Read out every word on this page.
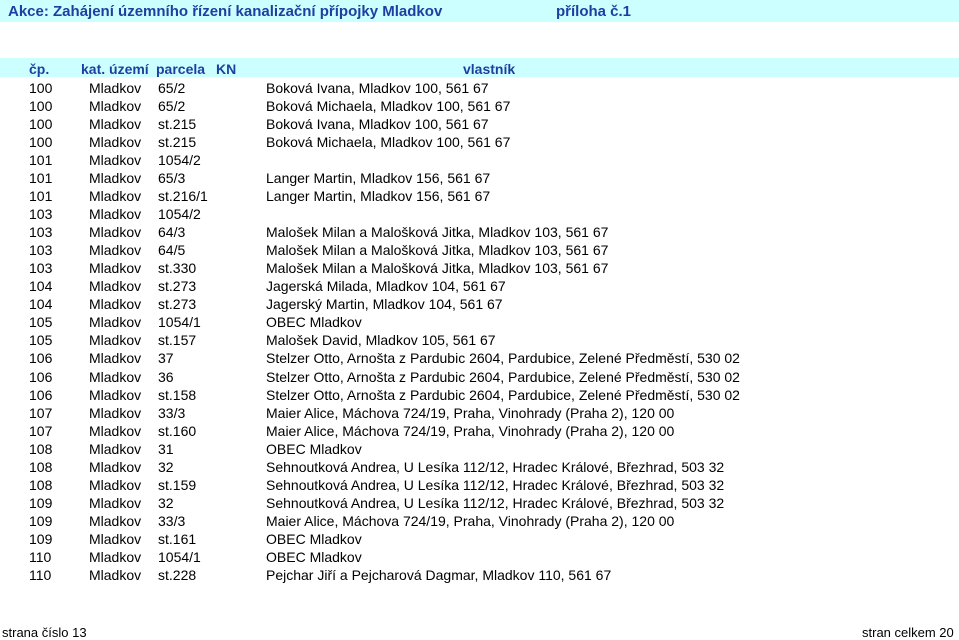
Akce: Zahájení územního řízení kanalizační přípojky Mladkov	příloha č.1
čp. kat. území parcela KN	vlastník
100	Mladkov 65/2	Boková Ivana, Mladkov 100, 561 67
100	Mladkov 65/2	Boková Michaela, Mladkov 100, 561 67
100	Mladkov st.215	Boková Ivana, Mladkov 100, 561 67
100	Mladkov st.215	Boková Michaela, Mladkov 100, 561 67
101	Mladkov 1054/2
101	Mladkov 65/3	Langer Martin, Mladkov 156, 561 67
101	Mladkov st.216/1	Langer Martin, Mladkov 156, 561 67
103	Mladkov 1054/2
103	Mladkov 64/3	Malošek Milan a Malošková Jitka, Mladkov 103, 561 67
103	Mladkov 64/5	Malošek Milan a Malošková Jitka, Mladkov 103, 561 67
103	Mladkov st.330	Malošek Milan a Malošková Jitka, Mladkov 103, 561 67
104	Mladkov st.273	Jagerská Milada, Mladkov 104, 561 67
104	Mladkov st.273	Jagerský Martin, Mladkov 104, 561 67
105	Mladkov 1054/1	OBEC Mladkov
105	Mladkov st.157	Malošek David, Mladkov 105, 561 67
106	Mladkov 37	Stelzer Otto, Arnošta z Pardubic 2604, Pardubice, Zelené Předměstí, 530 02
106	Mladkov 36	Stelzer Otto, Arnošta z Pardubic 2604, Pardubice, Zelené Předměstí, 530 02
106	Mladkov st.158	Stelzer Otto, Arnošta z Pardubic 2604, Pardubice, Zelené Předměstí, 530 02
107	Mladkov 33/3	Maier Alice, Máchova 724/19, Praha, Vinohrady (Praha 2), 120 00
107	Mladkov st.160	Maier Alice, Máchova 724/19, Praha, Vinohrady (Praha 2), 120 00
108	Mladkov 31	OBEC Mladkov
108	Mladkov 32	Sehnoutková Andrea, U Lesíka 112/12, Hradec Králové, Březhrad, 503 32
108	Mladkov st.159	Sehnoutková Andrea, U Lesíka 112/12, Hradec Králové, Březhrad, 503 32
109	Mladkov 32	Sehnoutková Andrea, U Lesíka 112/12, Hradec Králové, Březhrad, 503 32
109	Mladkov 33/3	Maier Alice, Máchova 724/19, Praha, Vinohrady (Praha 2), 120 00
109	Mladkov st.161	OBEC Mladkov
110	Mladkov 1054/1	OBEC Mladkov
110	Mladkov st.228	Pejchar Jiří a Pejcharová Dagmar, Mladkov 110, 561 67
strana číslo 13	stran celkem 20
